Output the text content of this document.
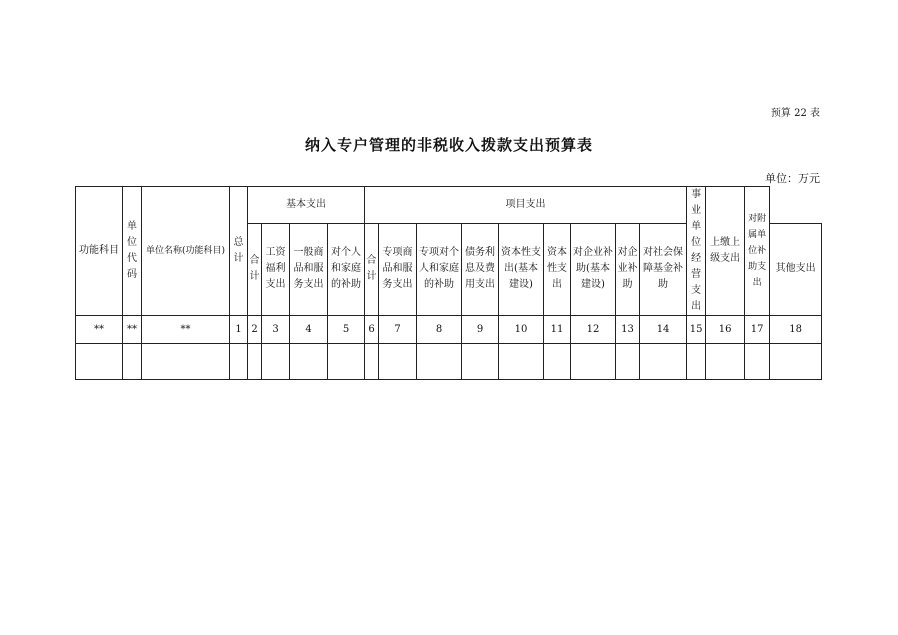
预算 22 表
纳入专户管理的非税收入拨款支出预算表
单位：万元
功能科目	单位代码	单位名称(功能科目)	总计	基本支出				项目支出									事业单位经营支出	上缴上级支出	对附属单位补助支出	
				合计	工资福利支出	一般商品和服务支出	对个人和家庭的补助	合计	专项商品和服务支出	专项对个人和家庭的补助	债务利息及费用支出	资本性支出(基本建设)	资本性支出	对企业补助(基本建设)	对企业补助	对社会保障基金补助				其他支出
**	**	**	1	2	3	4	5	6	7	8	9	10	11	12	13	14	15	16	17	18
